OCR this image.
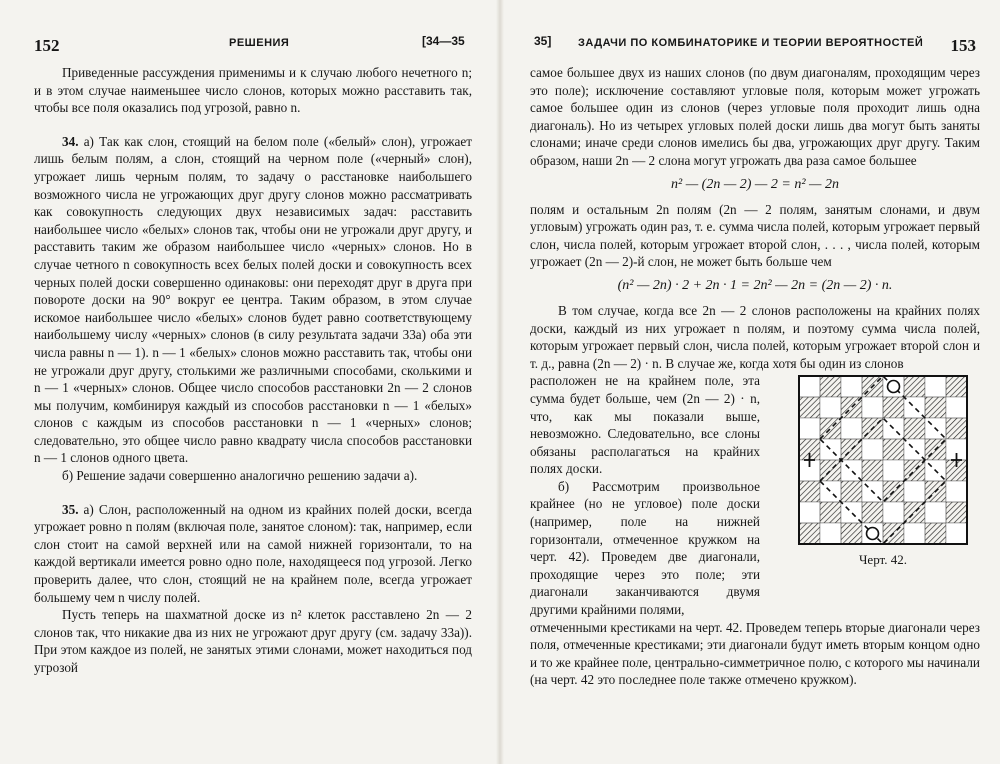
152	РЕШЕНИЯ	[34—35

Приведенные рассуждения применимы и к случаю любого нечетного n; и в этом случае наименьшее число слонов, которых можно расставить так, чтобы все поля оказались под угрозой, равно n.

34. а) Так как слон, стоящий на белом поле («белый» слон), угрожает лишь белым полям, а слон, стоящий на черном поле («черный» слон), угрожает лишь черным полям, то задачу о расстановке наибольшего возможного числа не угрожающих друг другу слонов можно рассматривать как совокупность следующих двух независимых задач: расставить наибольшее число «белых» слонов так, чтобы они не угрожали друг другу, и расставить таким же образом наибольшее число «черных» слонов. Но в случае четного n совокупность всех белых полей доски и совокупность всех черных полей доски совершенно одинаковы: они переходят друг в друга при повороте доски на 90° вокруг ее центра. Таким образом, в этом случае искомое наибольшее число «белых» слонов будет равно соответствующему наибольшему числу «черных» слонов (в силу результата задачи 33а) оба эти числа равны n — 1). n — 1 «белых» слонов можно расставить так, чтобы они не угрожали друг другу, столькими же различными способами, сколькими и n — 1 «черных» слонов. Общее число способов расстановки 2n — 2 слонов мы получим, комбинируя каждый из способов расстановки n — 1 «белых» слонов с каждым из способов расстановки n — 1 «черных» слонов; следовательно, это общее число равно квадрату числа способов расстановки n — 1 слонов одного цвета.

б) Решение задачи совершенно аналогично решению задачи а).

35. а) Слон, расположенный на одном из крайних полей доски, всегда угрожает ровно n полям (включая поле, занятое слоном): так, например, если слон стоит на самой верхней или на самой нижней горизонтали, то на каждой вертикали имеется ровно одно поле, находящееся под угрозой. Легко проверить далее, что слон, стоящий не на крайнем поле, всегда угрожает большему чем n числу полей.

Пусть теперь на шахматной доске из n² клеток расставлено 2n — 2 слонов так, что никакие два из них не угрожают друг другу (см. задачу 33а)). При этом каждое из полей, не занятых этими слонами, может находиться под угрозой

35] ЗАДАЧИ ПО КОМБИНАТОРИКЕ И ТЕОРИИ ВЕРОЯТНОСТЕЙ 153

самое большее двух из наших слонов (по двум диагоналям, проходящим через это поле); исключение составляют угловые поля, которым может угрожать самое большее один из слонов (через угловые поля проходит лишь одна диагональ). Но из четырех угловых полей доски лишь два могут быть заняты слонами; иначе среди слонов имелись бы два, угрожающих друг другу. Таким образом, наши 2n — 2 слона могут угрожать два раза самое большее

n² — (2n — 2) — 2 = n² — 2n

полям и остальным 2n полям (2n — 2 полям, занятым слонами, и двум угловым) угрожать один раз, т. е. сумма числа полей, которым угрожает первый слон, числа полей, которым угрожает второй слон, . . . , числа полей, которым угрожает (2n — 2)-й слон, не может быть больше чем

(n² — 2n) · 2 + 2n · 1 = 2n² — 2n = (2n — 2) · n.

В том случае, когда все 2n — 2 слонов расположены на крайних полях доски, каждый из них угрожает n полям, и поэтому сумма числа полей, которым угрожает первый слон, числа полей, которым угрожает второй слон и т. д., равна (2n — 2) · n. В случае же, когда хотя бы один из слонов

расположен не на крайнем поле, эта сумма будет больше, чем (2n — 2) · n, что, как мы показали выше, невозможно. Следовательно, все слоны обязаны располагаться на крайних полях доски.

б) Рассмотрим произвольное крайнее (но не угловое) поле доски (например, поле на нижней горизонтали, отмеченное кружком на черт. 42). Проведем две диагонали, проходящие через это поле; эти диагонали заканчиваются двумя другими крайними полями,

Черт. 42.

отмеченными крестиками на черт. 42. Проведем теперь вторые диагонали через поля, отмеченные крестиками; эти диагонали будут иметь вторым концом одно и то же крайнее поле, центрально-симметричное полю, с которого мы начинали (на черт. 42 это последнее поле также отмечено кружком).
